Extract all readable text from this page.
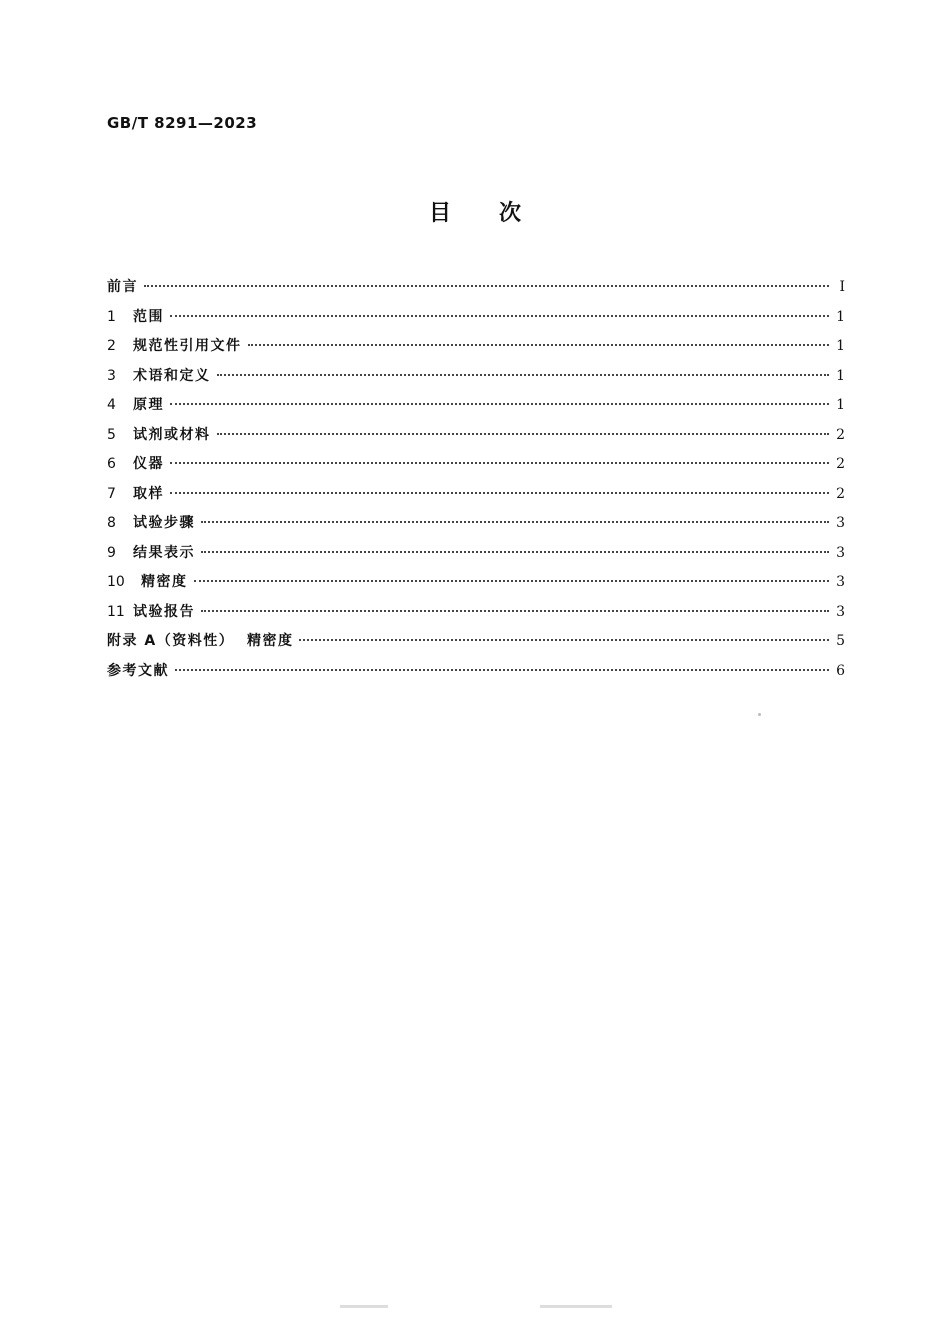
GB/T 8291—2023
目 次
前言	I
1	范围	1
2	规范性引用文件	1
3	术语和定义	1
4	原理	1
5	试剂或材料	2
6	仪器	2
7	取样	2
8	试验步骤	3
9	结果表示	3
10	精密度	3
11 试验报告	3
附录 A（资料性）  精密度	5
参考文献	6
